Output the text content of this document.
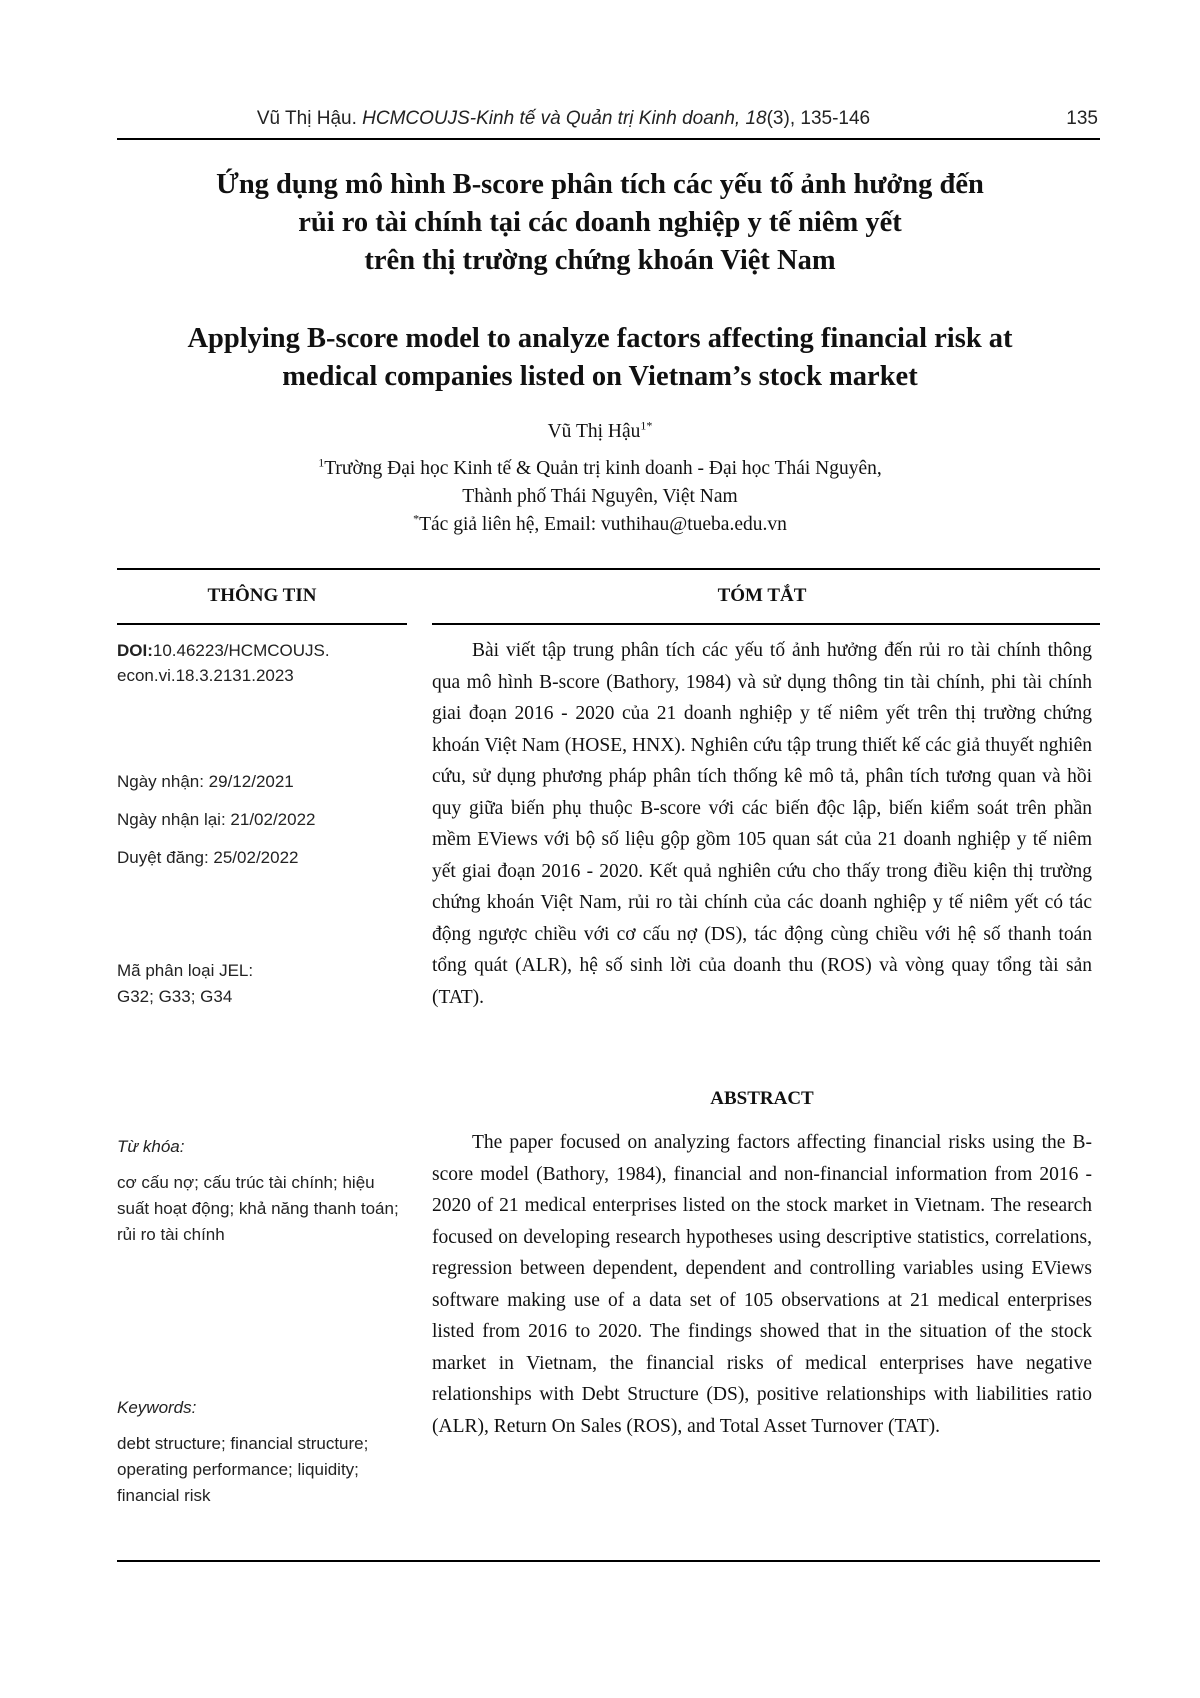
Vũ Thị Hậu. HCMCOUJS-Kinh tế và Quản trị Kinh doanh, 18(3), 135-146	135
Ứng dụng mô hình B-score phân tích các yếu tố ảnh hưởng đến
rủi ro tài chính tại các doanh nghiệp y tế niêm yết
trên thị trường chứng khoán Việt Nam
Applying B-score model to analyze factors affecting financial risk at
medical companies listed on Vietnam’s stock market
Vũ Thị Hậu$^{1*}$
$^1$Trường Đại học Kinh tế & Quản trị kinh doanh - Đại học Thái Nguyên,
Thành phố Thái Nguyên, Việt Nam
*Tác giả liên hệ, Email: vuthihau@tueba.edu.vn
THÔNG TIN	TÓM TẮT
DOI:10.46223/HCMCOUJS.
econ.vi.18.3.2131.2023
Ngày nhận: 29/12/2021
Ngày nhận lại: 21/02/2022
Duyệt đăng: 25/02/2022
Mã phân loại JEL:
G32; G33; G34
Từ khóa:
cơ cấu nợ; cấu trúc tài chính; hiệu suất hoạt động; khả năng thanh toán; rủi ro tài chính
Keywords:
debt structure; financial structure; operating performance; liquidity; financial risk

Bài viết tập trung phân tích các yếu tố ảnh hưởng đến rủi ro tài chính thông qua mô hình B-score (Bathory, 1984) và sử dụng thông tin tài chính, phi tài chính giai đoạn 2016 - 2020 của 21 doanh nghiệp y tế niêm yết trên thị trường chứng khoán Việt Nam (HOSE, HNX). Nghiên cứu tập trung thiết kế các giả thuyết nghiên cứu, sử dụng phương pháp phân tích thống kê mô tả, phân tích tương quan và hồi quy giữa biến phụ thuộc B-score với các biến độc lập, biến kiểm soát trên phần mềm EViews với bộ số liệu gộp gồm 105 quan sát của 21 doanh nghiệp y tế niêm yết giai đoạn 2016 - 2020. Kết quả nghiên cứu cho thấy trong điều kiện thị trường chứng khoán Việt Nam, rủi ro tài chính của các doanh nghiệp y tế niêm yết có tác động ngược chiều với cơ cấu nợ (DS), tác động cùng chiều với hệ số thanh toán tổng quát (ALR), hệ số sinh lời của doanh thu (ROS) và vòng quay tổng tài sản (TAT).

ABSTRACT

The paper focused on analyzing factors affecting financial risks using the B-score model (Bathory, 1984), financial and non-financial information from 2016 - 2020 of 21 medical enterprises listed on the stock market in Vietnam. The research focused on developing research hypotheses using descriptive statistics, correlations, regression between dependent, dependent and controlling variables using EViews software making use of a data set of 105 observations at 21 medical enterprises listed from 2016 to 2020. The findings showed that in the situation of the stock market in Vietnam, the financial risks of medical enterprises have negative relationships with Debt Structure (DS), positive relationships with liabilities ratio (ALR), Return On Sales (ROS), and Total Asset Turnover (TAT).
